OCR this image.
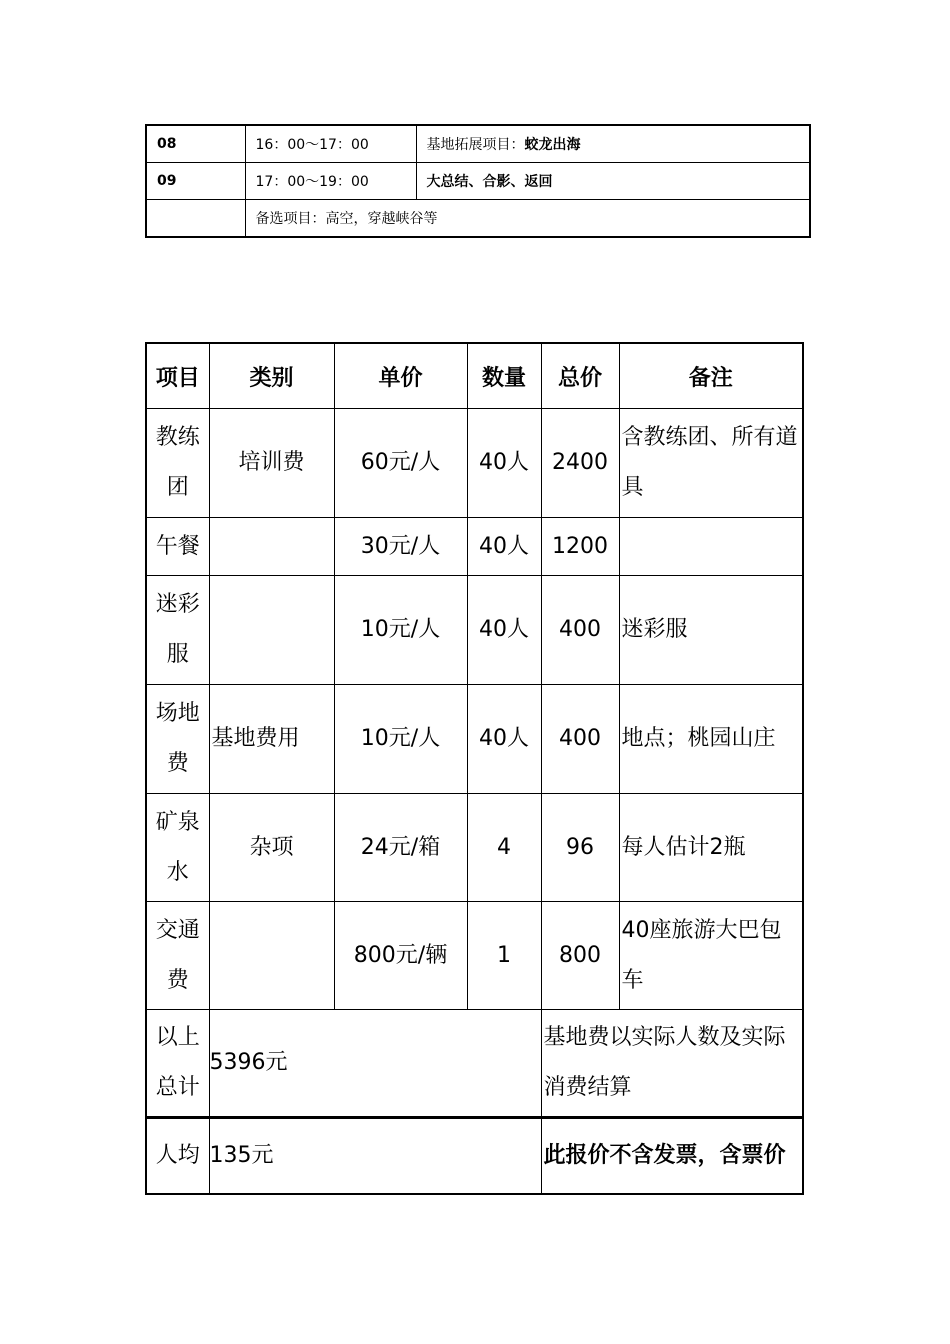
08	16：00～17：00	基地拓展项目：蛟龙出海
09	17：00～19：00	大总结、合影、返回
	备选项目：高空，穿越峡谷等	
项目	类别	单价	数量	总价	备注
教练团	培训费	60元/人	40人	2400	含教练团、所有道具
午餐		30元/人	40人	1200	
迷彩服		10元/人	40人	400	迷彩服
场地费	基地费用	10元/人	40人	400	地点；桃园山庄
矿泉水	杂项	24元/箱	4	96	每人估计2瓶
交通费		800元/辆	1	800	40座旅游大巴包车
以上总计	5396元			基地费以实际人数及实际消费结算	
人均	135元			此报价不含发票，含票价	
